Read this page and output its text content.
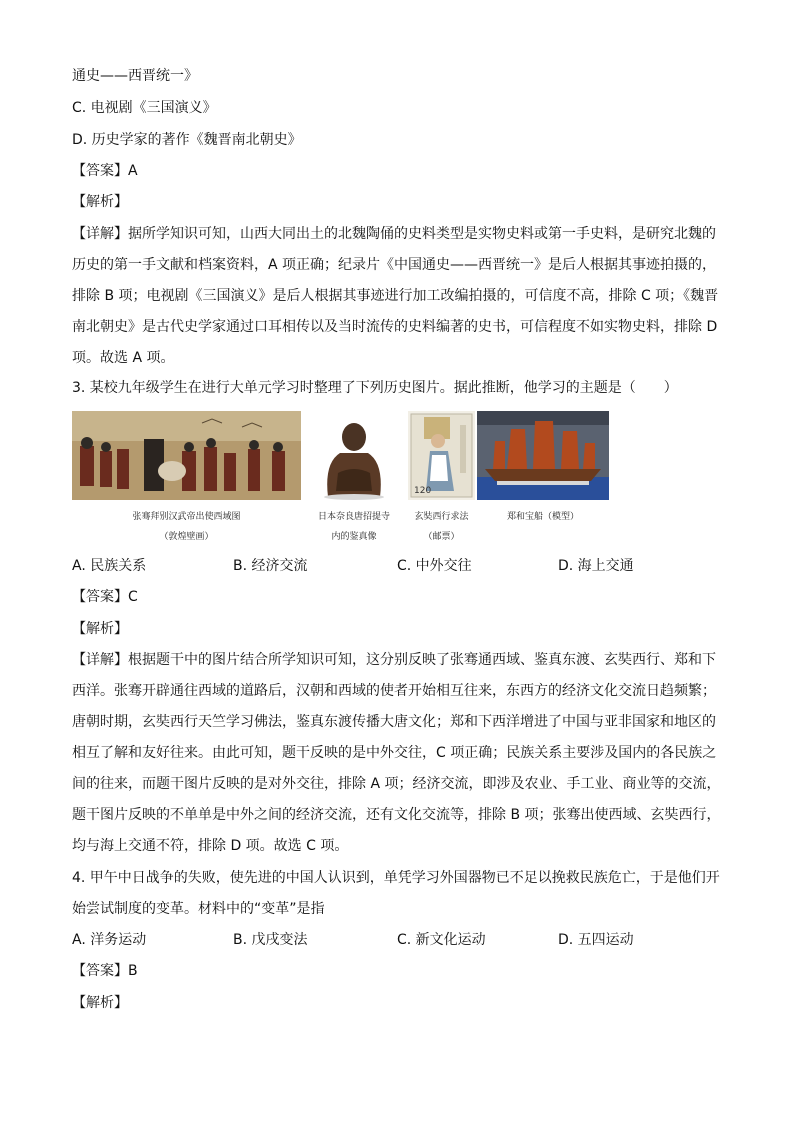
通史——西晋统一》
C. 电视剧《三国演义》
D. 历史学家的著作《魏晋南北朝史》
【答案】A
【解析】
【详解】据所学知识可知，山西大同出土的北魏陶俑的史料类型是实物史料或第一手史料，是研究北魏的
历史的第一手文献和档案资料，A 项正确；纪录片《中国通史——西晋统一》是后人根据其事迹拍摄的，
排除 B 项；电视剧《三国演义》是后人根据其事迹进行加工改编拍摄的，可信度不高，排除 C 项；《魏晋
南北朝史》是古代史学家通过口耳相传以及当时流传的史料编著的史书，可信程度不如实物史料，排除 D
项。故选 A 项。
3. 某校九年级学生在进行大单元学习时整理了下列历史图片。据此推断，他学习的主题是（　　）
张骞拜别汉武帝出使西域图
（敦煌壁画）
日本奈良唐招提寺
内的鉴真像
120
玄奘西行求法
（邮票）
郑和宝船（模型）
A. 民族关系	B. 经济交流	C. 中外交往	D. 海上交通
【答案】C
【解析】
【详解】根据题干中的图片结合所学知识可知，这分别反映了张骞通西域、鉴真东渡、玄奘西行、郑和下
西洋。张骞开辟通往西域的道路后，汉朝和西域的使者开始相互往来，东西方的经济文化交流日趋频繁；
唐朝时期，玄奘西行天竺学习佛法，鉴真东渡传播大唐文化；郑和下西洋增进了中国与亚非国家和地区的
相互了解和友好往来。由此可知，题干反映的是中外交往，C 项正确；民族关系主要涉及国内的各民族之
间的往来，而题干图片反映的是对外交往，排除 A 项；经济交流，即涉及农业、手工业、商业等的交流，
题干图片反映的不单单是中外之间的经济交流，还有文化交流等，排除 B 项；张骞出使西域、玄奘西行，
均与海上交通不符，排除 D 项。故选 C 项。
4. 甲午中日战争的失败，使先进的中国人认识到，单凭学习外国器物已不足以挽救民族危亡，于是他们开
始尝试制度的变革。材料中的“变革”是指
A. 洋务运动	B. 戊戌变法	C. 新文化运动	D. 五四运动
【答案】B
【解析】
